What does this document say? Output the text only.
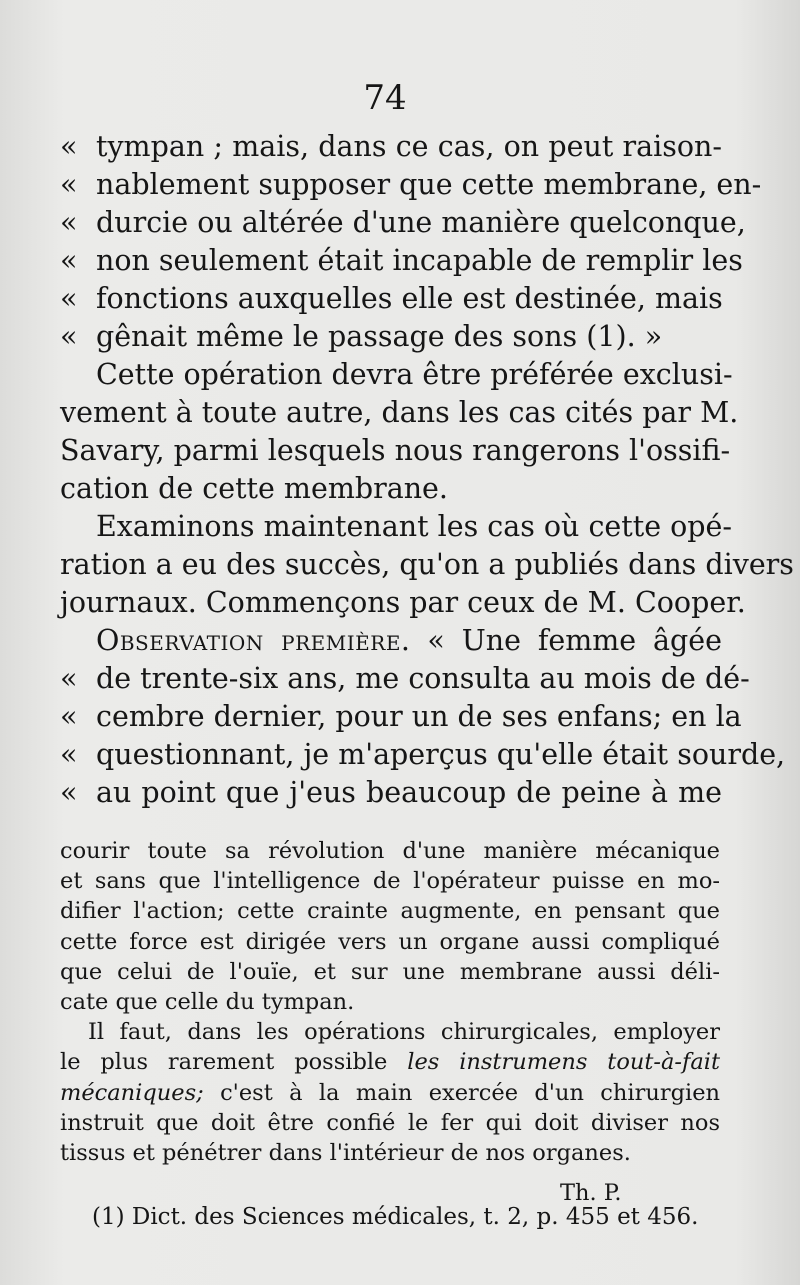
74
« tympan ; mais, dans ce cas, on peut raison-
« nablement supposer que cette membrane, en-
« durcie ou altérée d'une manière quelconque,
« non seulement était incapable de remplir les
« fonctions auxquelles elle est destinée, mais
« gênait même le passage des sons (1). »
Cette opération devra être préférée exclusi-
vement à toute autre, dans les cas cités par M.
Savary, parmi lesquels nous rangerons l'ossifi-
cation de cette membrane.
Examinons maintenant les cas où cette opé-
ration a eu des succès, qu'on a publiés dans divers
journaux. Commençons par ceux de M. Cooper.
Observation première. « Une femme âgée
« de trente-six ans, me consulta au mois de dé-
« cembre dernier, pour un de ses enfans; en la
« questionnant, je m'aperçus qu'elle était sourde,
« au point que j'eus beaucoup de peine à me
courir toute sa révolution d'une manière mécanique
et sans que l'intelligence de l'opérateur puisse en mo-
difier l'action; cette crainte augmente, en pensant que
cette force est dirigée vers un organe aussi compliqué
que celui de l'ouïe, et sur une membrane aussi déli-
cate que celle du tympan.
Il faut, dans les opérations chirurgicales, employer
le plus rarement possible les instrumens tout-à-fait
mécaniques; c'est à la main exercée d'un chirurgien
instruit que doit être confié le fer qui doit diviser nos
tissus et pénétrer dans l'intérieur de nos organes.
Th. P.
(1) Dict. des Sciences médicales, t. 2, p. 455 et 456.
